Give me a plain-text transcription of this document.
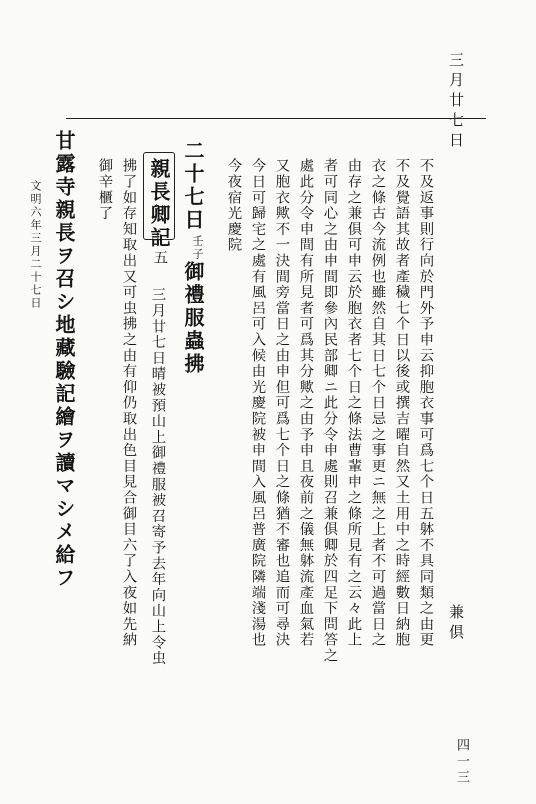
三月廿七日
兼俱
四一三
不及返事則行向於門外予申云抑胞衣事可爲七个日五躰不具同類之由更
不及覺語其故者產穢七个日以後或撰吉曜自然又土用中之時經數日納胞
衣之條古今流例也雖然自其日七个日忌之事更ニ無之上者不可過當日之
由存之兼俱可申云於胞衣者七个日之條法曹輩申之條所見有之云々此上
者可同心之由申間即參內民部卿ニ此分令申處則召兼俱卿於四足下問答之
處此分令申間有所見者可爲其分歟之由予申且夜前之儀無躰流產血氣若
又胞衣歟不一決間旁當日之由申但可爲七个日之條猶不審也追而可尋決
今日可歸宅之處有風呂可入候由光慶院被申間入風呂普廣院隣端淺湯也
今夜宿光慶院
二十七日
壬子
御禮服蟲拂
親長卿記
五
三月廿七日晴被預山上御禮服被召寄予去年向山上令虫
拂了如存知取出又可虫拂之由有仰仍取出色目見合御目六了入夜如先納
御辛櫃了
甘露寺親長ヲ召シ地藏驗記繪ヲ讀マシメ給フ
文明六年三月二十七日
